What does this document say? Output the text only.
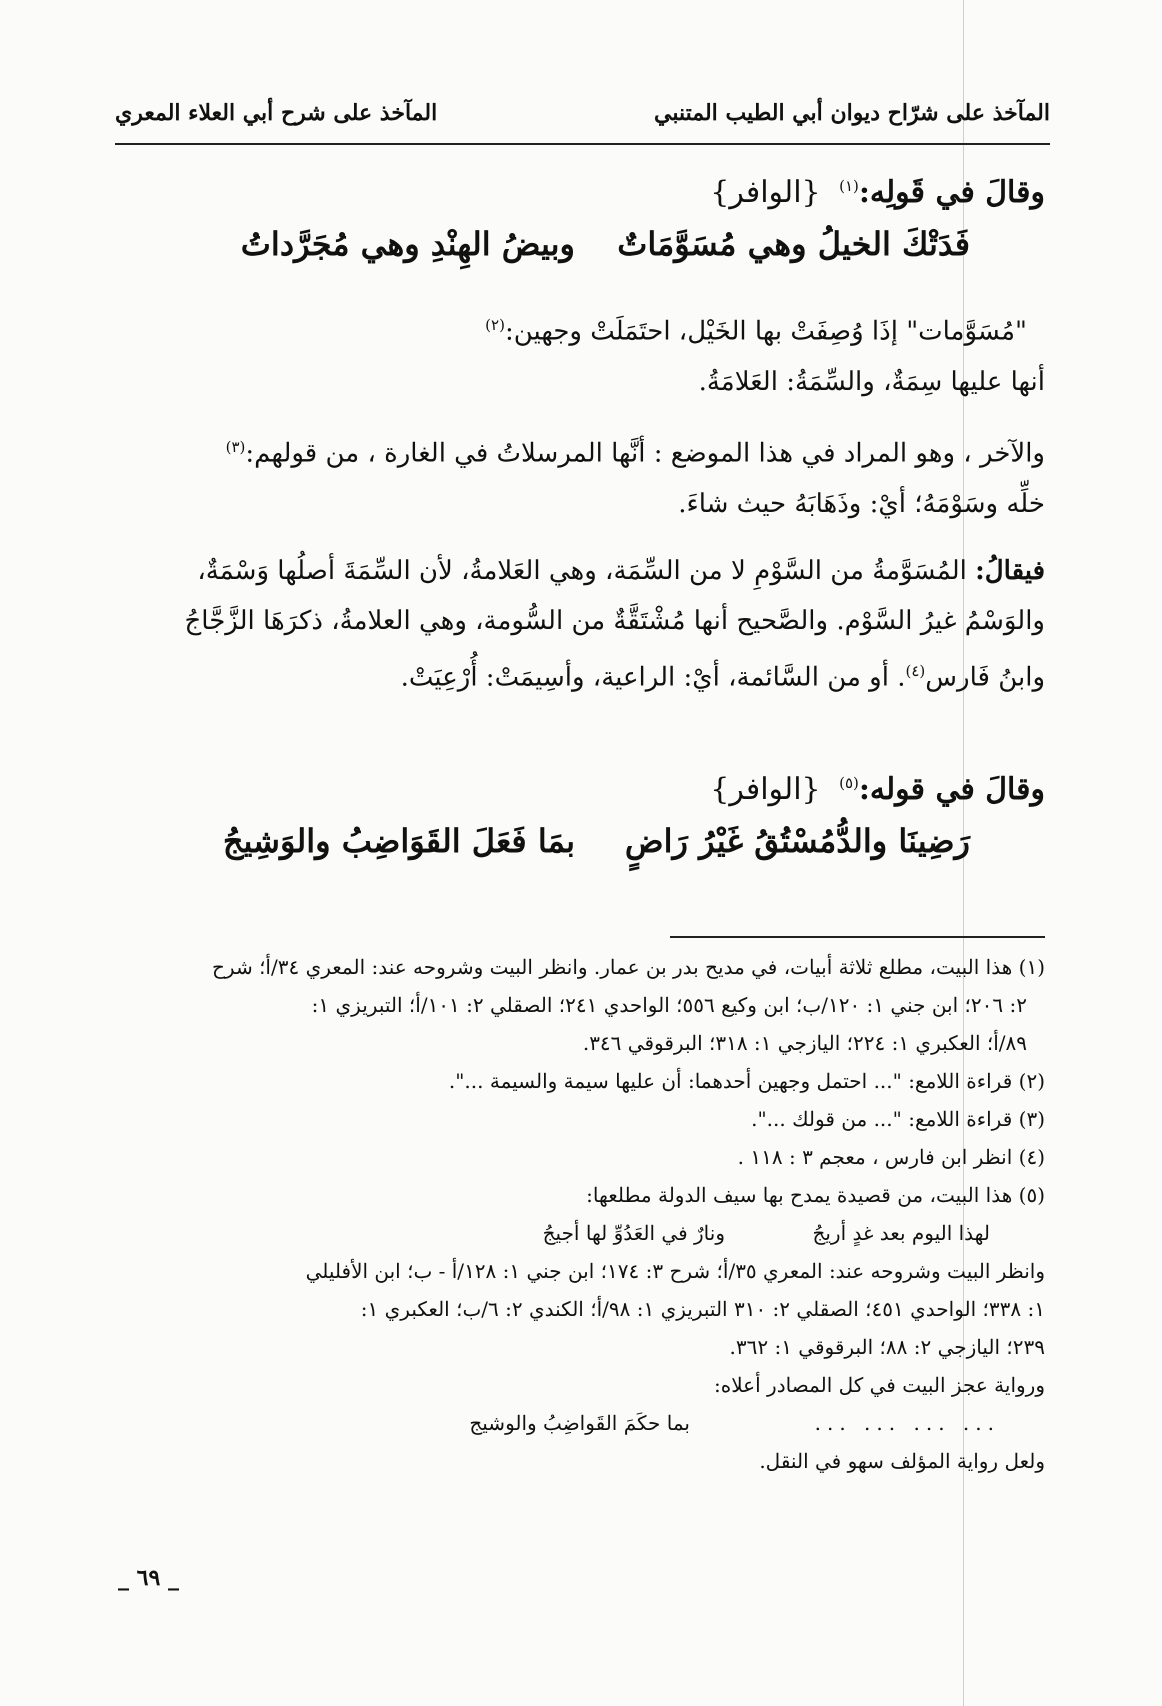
المآخذ على شرّاح ديوان أبي الطيب المتنبي
المآخذ على شرح أبي العلاء المعري
وقالَ في قَولِه:$^{(١)}$ {الوافر}
فَدَتْكَ الخيلُ وهي مُسَوَّمَاتٌ
وبيضُ الهِنْدِ وهي مُجَرَّداتُ

"مُسَوَّمات" إذَا وُصِفَتْ بها الخَيْل، احتَمَلَتْ وجهين:$^{(٢)}$

أنها عليها سِمَةٌ، والسِّمَةُ: العَلامَةُ.

والآخر ، وهو المراد في هذا الموضع : أنَّها المرسلاتُ في الغارة ، من قولهم:$^{(٣)}$

خلِّه وسَوْمَهُ؛ أيْ: وذَهَابَهُ حيث شاءَ.

فيقالُ: المُسَوَّمةُ من السَّوْمِ لا من السِّمَة، وهي العَلامةُ، لأن السِّمَةَ أصلُها وَسْمَةٌ،

والوَسْمُ غيرُ السَّوْم. والصَّحيح أنها مُشْتَقَّةٌ من السُّومة، وهي العلامةُ، ذكرَهَا الزَّجَّاجُ

وابنُ فَارس$^{(٤)}$. أو من السَّائمة، أيْ: الراعية، وأسِيمَتْ: أُرْعِيَتْ.

وقالَ في قوله:$^{(٥)}$ {الوافر}
رَضِينَا والدُّمُسْتُقُ غَيْرُ رَاضٍ
بمَا فَعَلَ القَوَاضِبُ والوَشِيجُ
(١) هذا البيت، مطلع ثلاثة أبيات، في مديح بدر بن عمار. وانظر البيت وشروحه عند: المعري ٣٤/أ؛ شرح
٢: ٢٠٦؛ ابن جني ١: ١٢٠/ب؛ ابن وكيع ٥٥٦؛ الواحدي ٢٤١؛ الصقلي ٢: ١٠١/أ؛ التبريزي ١:
٨٩/أ؛ العكبري ١: ٢٢٤؛ اليازجي ١: ٣١٨؛ البرقوقي ٣٤٦.
(٢) قراءة اللامع: "... احتمل وجهين أحدهما: أن عليها سيمة والسيمة ...".
(٣) قراءة اللامع: "... من قولك ...".
(٤) انظر ابن فارس ، معجم ٣ : ١١٨ .
(٥) هذا البيت، من قصيدة يمدح بها سيف الدولة مطلعها:
لهذا اليوم بعد غدٍ أريجُ
ونارٌ في العَدُوِّ لها أجيجُ
وانظر البيت وشروحه عند: المعري ٣٥/أ؛ شرح ٣: ١٧٤؛ ابن جني ١: ١٢٨/أ - ب؛ ابن الأفليلي
١: ٣٣٨؛ الواحدي ٤٥١؛ الصقلي ٢: ٣١٠ التبريزي ١: ٩٨/أ؛ الكندي ٢: ٦/ب؛ العكبري ١:
٢٣٩؛ اليازجي ٢: ٨٨؛ البرقوقي ١: ٣٦٢.
ورواية عجز البيت في كل المصادر أعلاه:
... ... ... ...
بما حكَمَ القَواضِبُ والوشيج
ولعل رواية المؤلف سهو في النقل.
_ ٦٩ _
